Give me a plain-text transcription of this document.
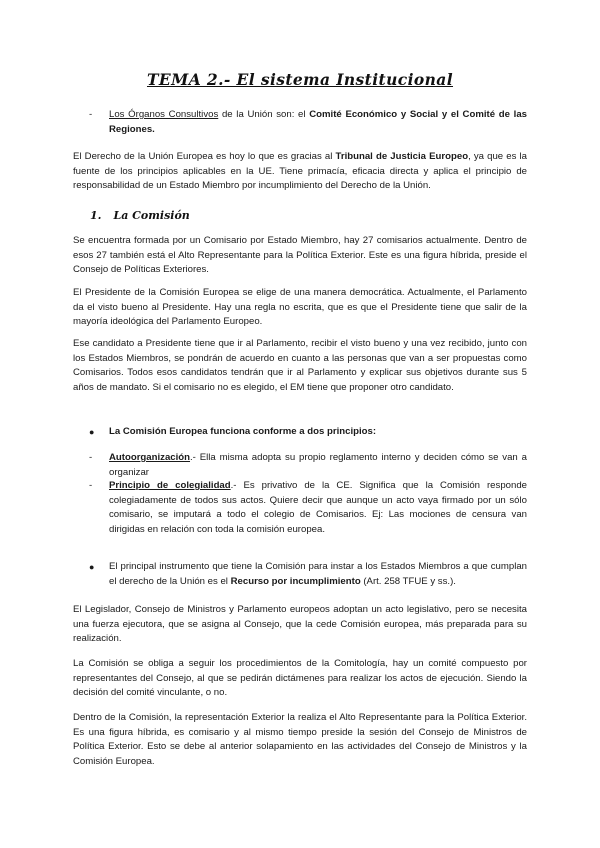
TEMA 2.- El sistema Institucional
- Los Órganos Consultivos de la Unión son: el Comité Económico y Social y el Comité de las Regiones.

El Derecho de la Unión Europea es hoy lo que es gracias al Tribunal de Justicia Europeo, ya que es la fuente de los principios aplicables en la UE. Tiene primacía, eficacia directa y aplica el principio de responsabilidad de un Estado Miembro por incumplimiento del Derecho de la Unión.

1. La Comisión

Se encuentra formada por un Comisario por Estado Miembro, hay 27 comisarios actualmente. Dentro de esos 27 también está el Alto Representante para la Política Exterior. Este es una figura híbrida, preside el Consejo de Políticas Exteriores.

El Presidente de la Comisión Europea se elige de una manera democrática. Actualmente, el Parlamento da el visto bueno al Presidente. Hay una regla no escrita, que es que el Presidente tiene que salir de la mayoría ideológica del Parlamento Europeo.

Ese candidato a Presidente tiene que ir al Parlamento, recibir el visto bueno y una vez recibido, junto con los Estados Miembros, se pondrán de acuerdo en cuanto a las personas que van a ser propuestas como Comisarios. Todos esos candidatos tendrán que ir al Parlamento y explicar sus objetivos durante sus 5 años de mandato. Si el comisario no es elegido, el EM tiene que proponer otro candidato.

● La Comisión Europea funciona conforme a dos principios:
- Autoorganización.- Ella misma adopta su propio reglamento interno y deciden cómo se van a organizar
- Principio de colegialidad.- Es privativo de la CE. Significa que la Comisión responde colegiadamente de todos sus actos. Quiere decir que aunque un acto vaya firmado por un sólo comisario, se imputará a todo el colegio de Comisarios. Ej: Las mociones de censura van dirigidas en relación con toda la comisión europea.
● El principal instrumento que tiene la Comisión para instar a los Estados Miembros a que cumplan el derecho de la Unión es el Recurso por incumplimiento (Art. 258 TFUE y ss.).

El Legislador, Consejo de Ministros y Parlamento europeos adoptan un acto legislativo, pero se necesita una fuerza ejecutora, que se asigna al Consejo, que la cede Comisión europea, más preparada para su realización.

La Comisión se obliga a seguir los procedimientos de la Comitología, hay un comité compuesto por representantes del Consejo, al que se pedirán dictámenes para realizar los actos de ejecución. Siendo la decisión del comité vinculante, o no.

Dentro de la Comisión, la representación Exterior la realiza el Alto Representante para la Política Exterior. Es una figura híbrida, es comisario y al mismo tiempo preside la sesión del Consejo de Ministros de Política Exterior. Esto se debe al anterior solapamiento en las actividades del Consejo de Ministros y la Comisión Europea.
